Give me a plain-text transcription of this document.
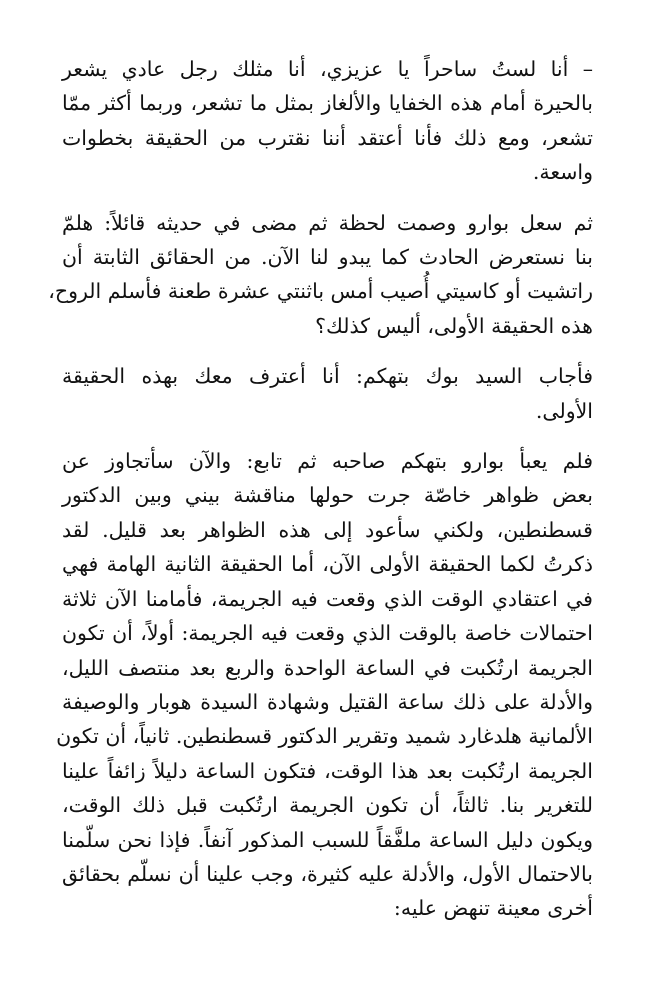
– أنا لستُ ساحراً يا عزيزي، أنا مثلك رجل عادي يشعر
بالحيرة أمام هذه الخفايا والألغاز بمثل ما تشعر، وربما أكثر ممّا
تشعر، ومع ذلك فأنا أعتقد أننا نقترب من الحقيقة بخطوات
واسعة.

ثم سعل بوارو وصمت لحظة ثم مضى في حديثه قائلاً: هلمّ
بنا نستعرض الحادث كما يبدو لنا الآن. من الحقائق الثابتة أن
راتشيت أو كاسيتي أُصيب أمس باثنتي عشرة طعنة فأسلم الروح،
هذه الحقيقة الأولى، أليس كذلك؟

فأجاب السيد بوك بتهكم: أنا أعترف معك بهذه الحقيقة
الأولى.

فلم يعبأ بوارو بتهكم صاحبه ثم تابع: والآن سأتجاوز عن
بعض ظواهر خاصّة جرت حولها مناقشة بيني وبين الدكتور
قسطنطين، ولكني سأعود إلى هذه الظواهر بعد قليل. لقد
ذكرتُ لكما الحقيقة الأولى الآن، أما الحقيقة الثانية الهامة فهي
في اعتقادي الوقت الذي وقعت فيه الجريمة، فأمامنا الآن ثلاثة
احتمالات خاصة بالوقت الذي وقعت فيه الجريمة: أولاً، أن تكون
الجريمة ارتُكبت في الساعة الواحدة والربع بعد منتصف الليل،
والأدلة على ذلك ساعة القتيل وشهادة السيدة هوبار والوصيفة
الألمانية هلدغارد شميد وتقرير الدكتور قسطنطين. ثانياً، أن تكون
الجريمة ارتُكبت بعد هذا الوقت، فتكون الساعة دليلاً زائفاً علينا
للتغرير بنا. ثالثاً، أن تكون الجريمة ارتُكبت قبل ذلك الوقت،
ويكون دليل الساعة ملفَّقاً للسبب المذكور آنفاً. فإذا نحن سلّمنا
بالاحتمال الأول، والأدلة عليه كثيرة، وجب علينا أن نسلّم بحقائق
أخرى معينة تنهض عليه:
